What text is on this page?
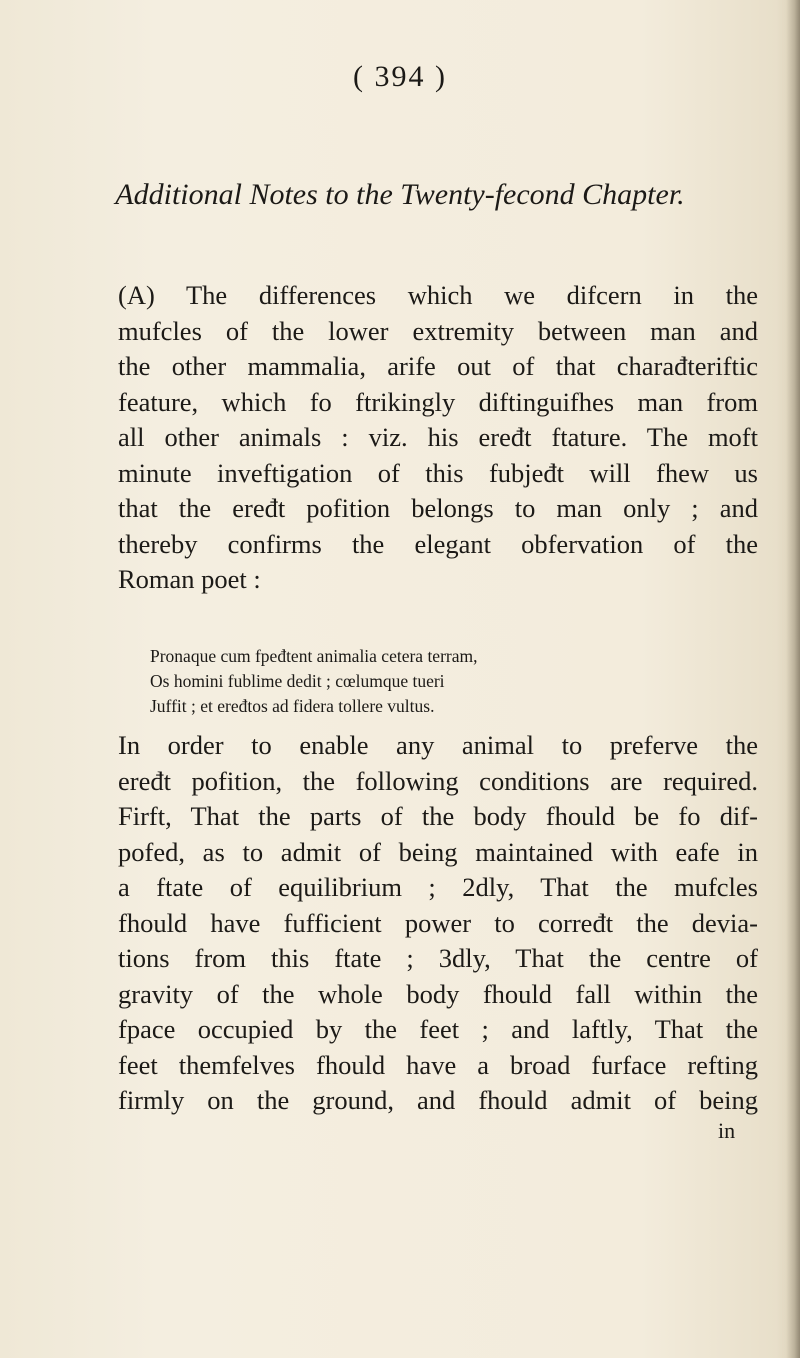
( 394 )
Additional Notes to the Twenty-fecond Chapter.
(A) The differences which we difcern in the
mufcles of the lower extremity between man and
the other mammalia, arife out of that charađteriftic
feature, which fo ftrikingly diftinguifhes man from
all other animals : viz. his eređt ftature. The moft
minute inveftigation of this fubjeđt will fhew us
that the eređt pofition belongs to man only ; and
thereby confirms the elegant obfervation of the
Roman poet :
Pronaque cum fpeđtent animalia cetera terram,
Os homini fublime dedit ; cœlumque tueri
Juffit ; et eređtos ad fidera tollere vultus.
In order to enable any animal to preferve the
eređt pofition, the following conditions are required.
Firft, That the parts of the body fhould be fo dif-
pofed, as to admit of being maintained with eafe in
a ftate of equilibrium ; 2dly, That the mufcles
fhould have fufficient power to corređt the devia-
tions from this ftate ; 3dly, That the centre of
gravity of the whole body fhould fall within the
fpace occupied by the feet ; and laftly, That the
feet themfelves fhould have a broad furface refting
firmly on the ground, and fhould admit of being
in
